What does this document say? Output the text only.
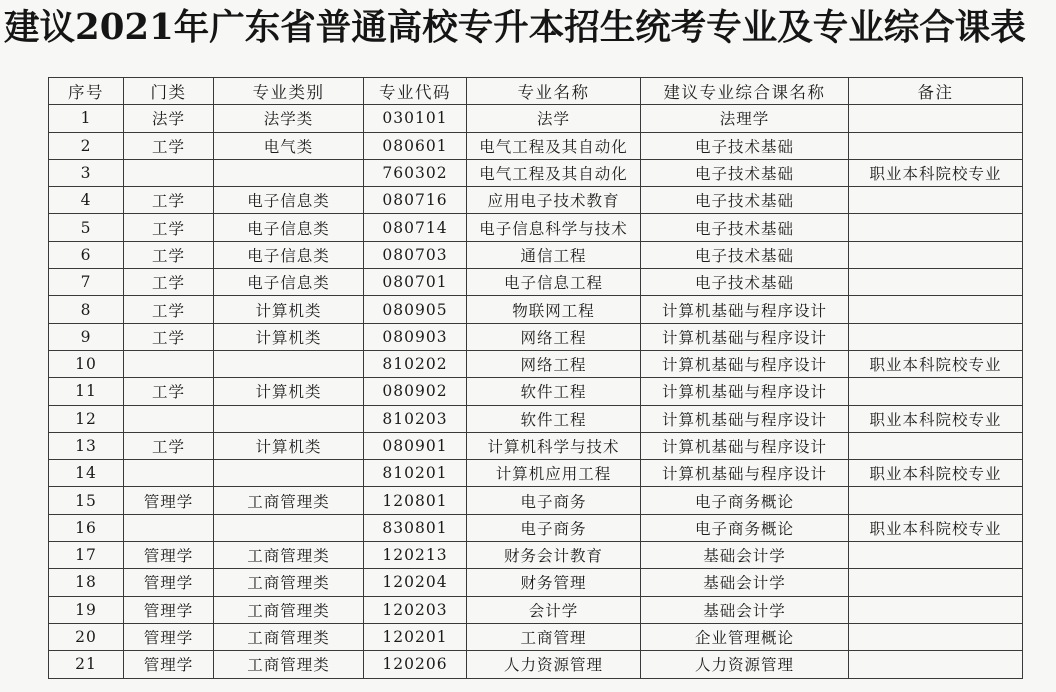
建议2021年广东省普通高校专升本招生统考专业及专业综合课表
序号	门类	专业类别	专业代码	专业名称	建议专业综合课名称	备注
1	法学	法学类	030101	法学	法理学	
2	工学	电气类	080601	电气工程及其自动化	电子技术基础	
3			760302	电气工程及其自动化	电子技术基础	职业本科院校专业
4	工学	电子信息类	080716	应用电子技术教育	电子技术基础	
5	工学	电子信息类	080714	电子信息科学与技术	电子技术基础	
6	工学	电子信息类	080703	通信工程	电子技术基础	
7	工学	电子信息类	080701	电子信息工程	电子技术基础	
8	工学	计算机类	080905	物联网工程	计算机基础与程序设计	
9	工学	计算机类	080903	网络工程	计算机基础与程序设计	
10			810202	网络工程	计算机基础与程序设计	职业本科院校专业
11	工学	计算机类	080902	软件工程	计算机基础与程序设计	
12			810203	软件工程	计算机基础与程序设计	职业本科院校专业
13	工学	计算机类	080901	计算机科学与技术	计算机基础与程序设计	
14			810201	计算机应用工程	计算机基础与程序设计	职业本科院校专业
15	管理学	工商管理类	120801	电子商务	电子商务概论	
16			830801	电子商务	电子商务概论	职业本科院校专业
17	管理学	工商管理类	120213	财务会计教育	基础会计学	
18	管理学	工商管理类	120204	财务管理	基础会计学	
19	管理学	工商管理类	120203	会计学	基础会计学	
20	管理学	工商管理类	120201	工商管理	企业管理概论	
21	管理学	工商管理类	120206	人力资源管理	人力资源管理	
